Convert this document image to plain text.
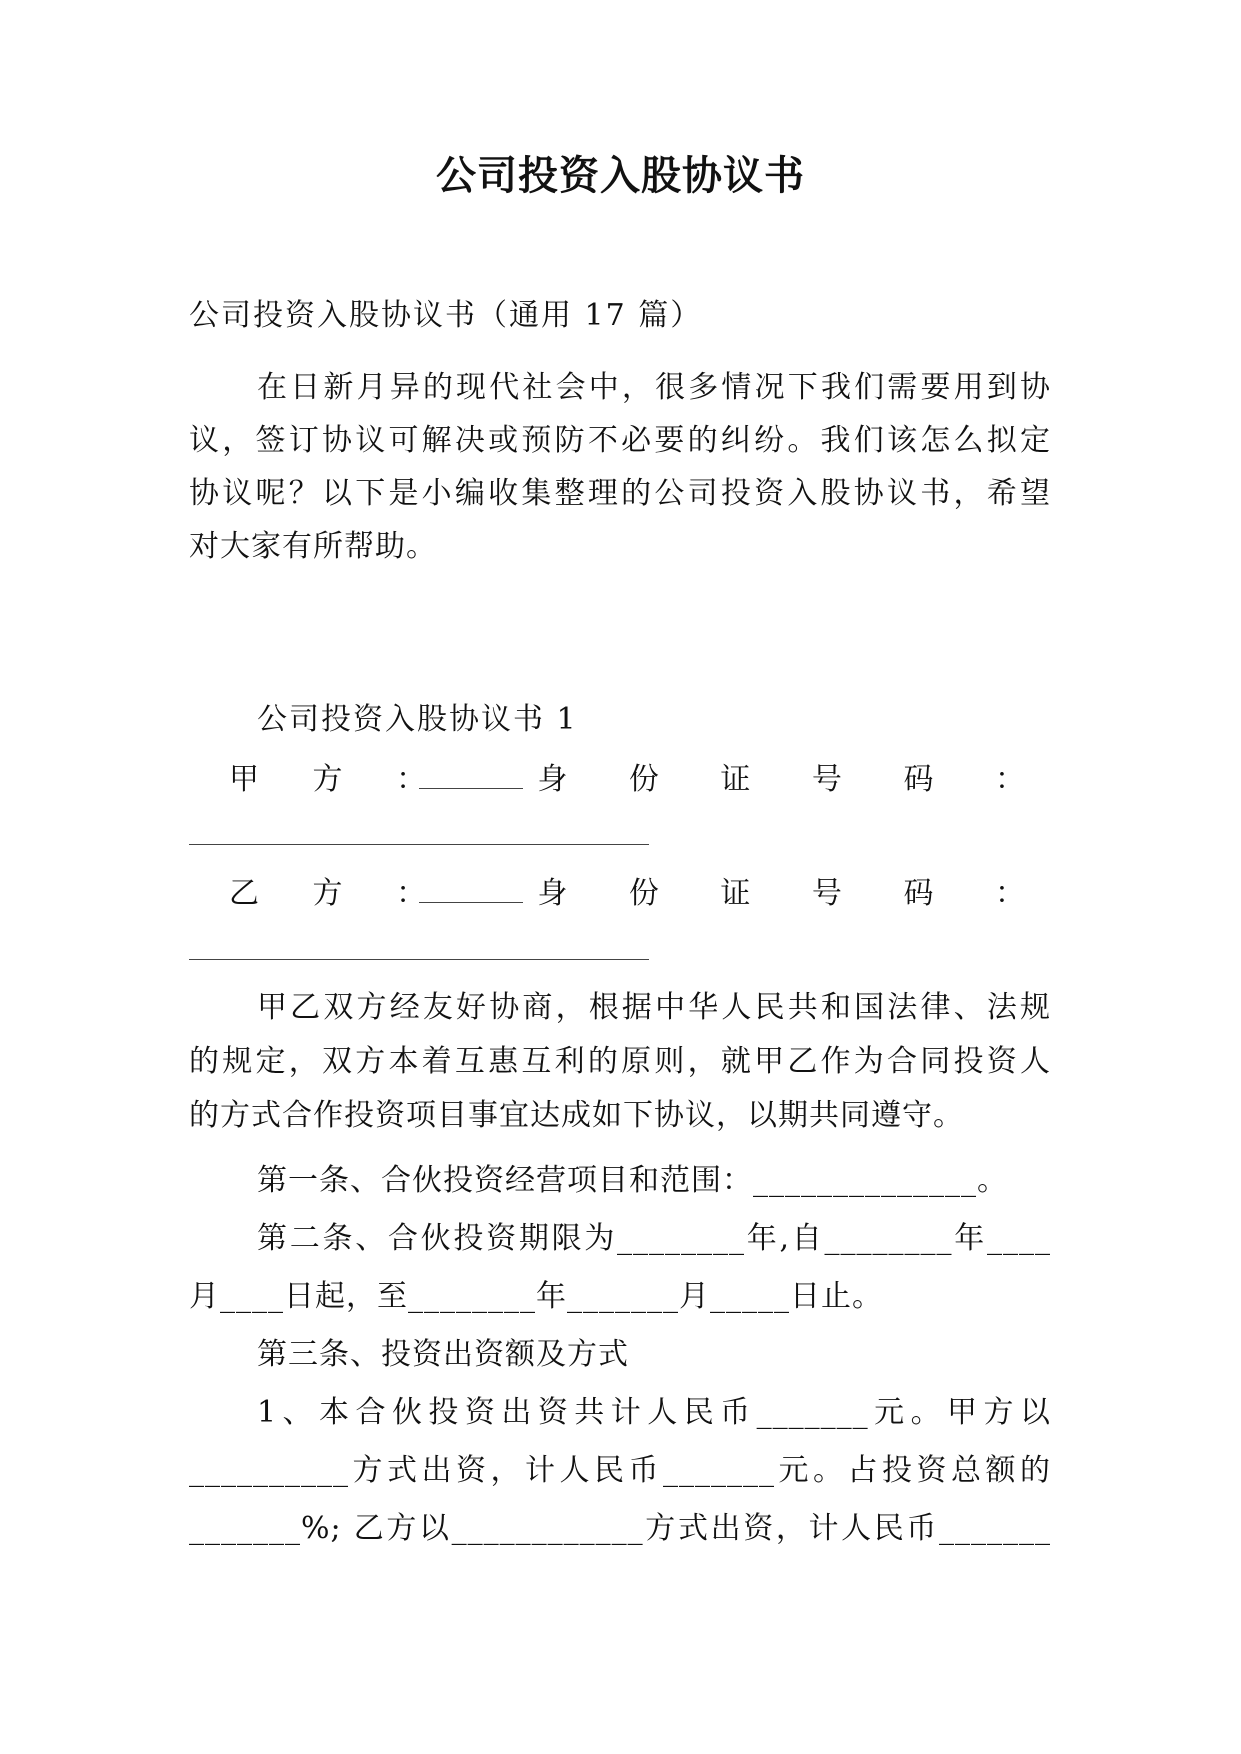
公司投资入股协议书
公司投资入股协议书（通用 17 篇）
在日新月异的现代社会中，很多情况下我们需要用到协
议，签订协议可解决或预防不必要的纠纷。我们该怎么拟定
协议呢？以下是小编收集整理的公司投资入股协议书，希望
对大家有所帮助。
公司投资入股协议书 1
甲 方 ：	身 份 证 号 码 ：
乙 方 ：	身 份 证 号 码 ：
甲乙双方经友好协商，根据中华人民共和国法律、法规
的规定，双方本着互惠互利的原则，就甲乙作为合同投资人
的方式合作投资项目事宜达成如下协议，以期共同遵守。
第一条、合伙投资经营项目和范围：______________。
第二条、合伙投资期限为________年,自________年____
月____日起，至________年_______月_____日止。
第三条、投资出资额及方式
1、本合伙投资出资共计人民币_______元。甲方以
__________方式出资，计人民币_______元。占投资总额的
_______%; 乙方以____________方式出资，计人民币_______
